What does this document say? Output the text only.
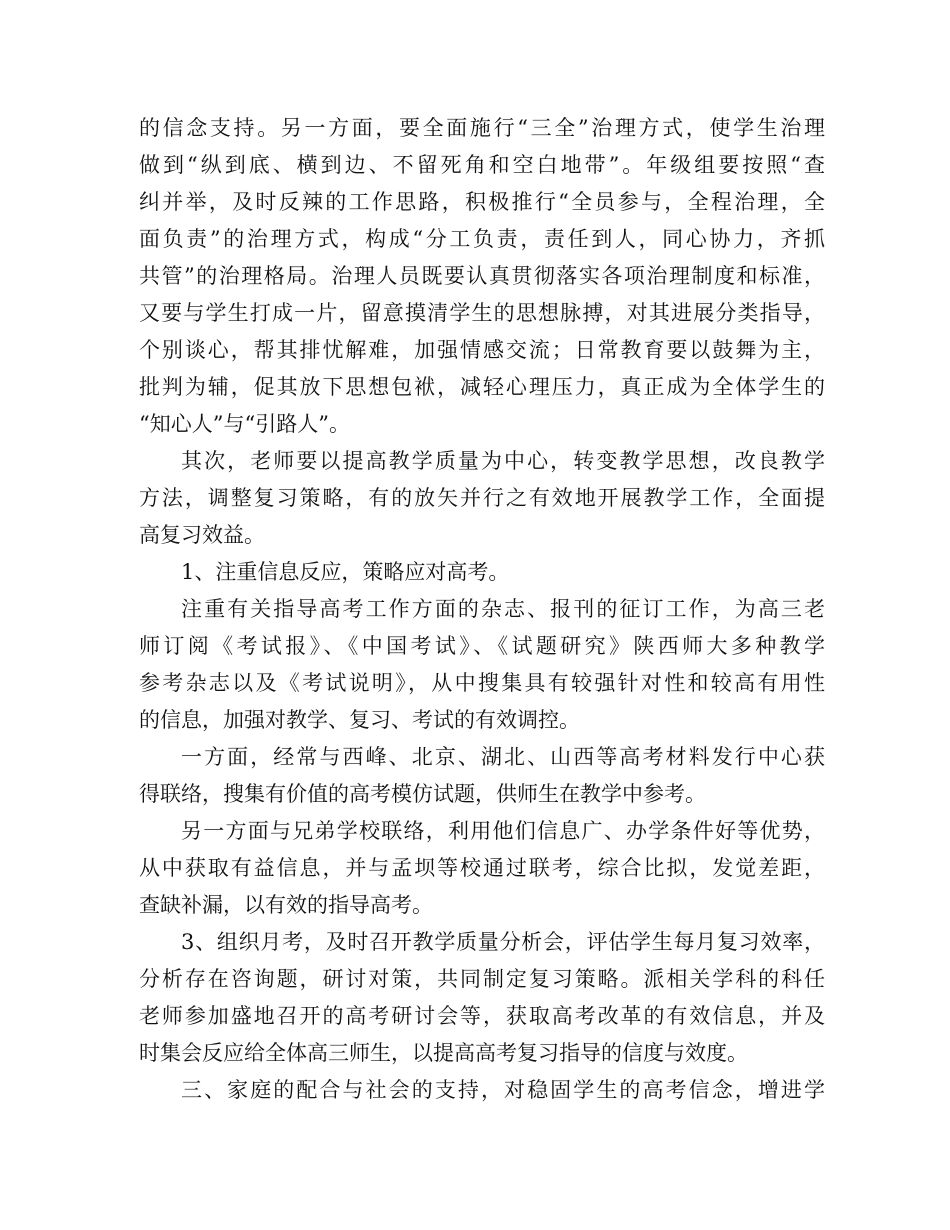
的信念支持。另一方面，要全面施行“三全”治理方式，使学生治理
做到“纵到底、横到边、不留死角和空白地带”。年级组要按照“查
纠并举，及时反辣的工作思路，积极推行“全员参与，全程治理，全
面负责”的治理方式，构成“分工负责，责任到人，同心协力，齐抓
共管”的治理格局。治理人员既要认真贯彻落实各项治理制度和标准，
又要与学生打成一片，留意摸清学生的思想脉搏，对其进展分类指导，
个别谈心，帮其排忧解难，加强情感交流；日常教育要以鼓舞为主，
批判为辅，促其放下思想包袱，减轻心理压力，真正成为全体学生的
“知心人”与“引路人”。
其次，老师要以提高教学质量为中心，转变教学思想，改良教学
方法，调整复习策略，有的放矢并行之有效地开展教学工作，全面提
高复习效益。
1、注重信息反应，策略应对高考。
注重有关指导高考工作方面的杂志、报刊的征订工作，为高三老
师订阅《考试报》、《中国考试》、《试题研究》陕西师大多种教学
参考杂志以及《考试说明》，从中搜集具有较强针对性和较高有用性
的信息，加强对教学、复习、考试的有效调控。
一方面，经常与西峰、北京、湖北、山西等高考材料发行中心获
得联络，搜集有价值的高考模仿试题，供师生在教学中参考。
另一方面与兄弟学校联络，利用他们信息广、办学条件好等优势，
从中获取有益信息，并与孟坝等校通过联考，综合比拟，发觉差距，
查缺补漏，以有效的指导高考。
3、组织月考，及时召开教学质量分析会，评估学生每月复习效率，
分析存在咨询题，研讨对策，共同制定复习策略。派相关学科的科任
老师参加盛地召开的高考研讨会等，获取高考改革的有效信息，并及
时集会反应给全体高三师生，以提高高考复习指导的信度与效度。
三、家庭的配合与社会的支持，对稳固学生的高考信念，增进学
